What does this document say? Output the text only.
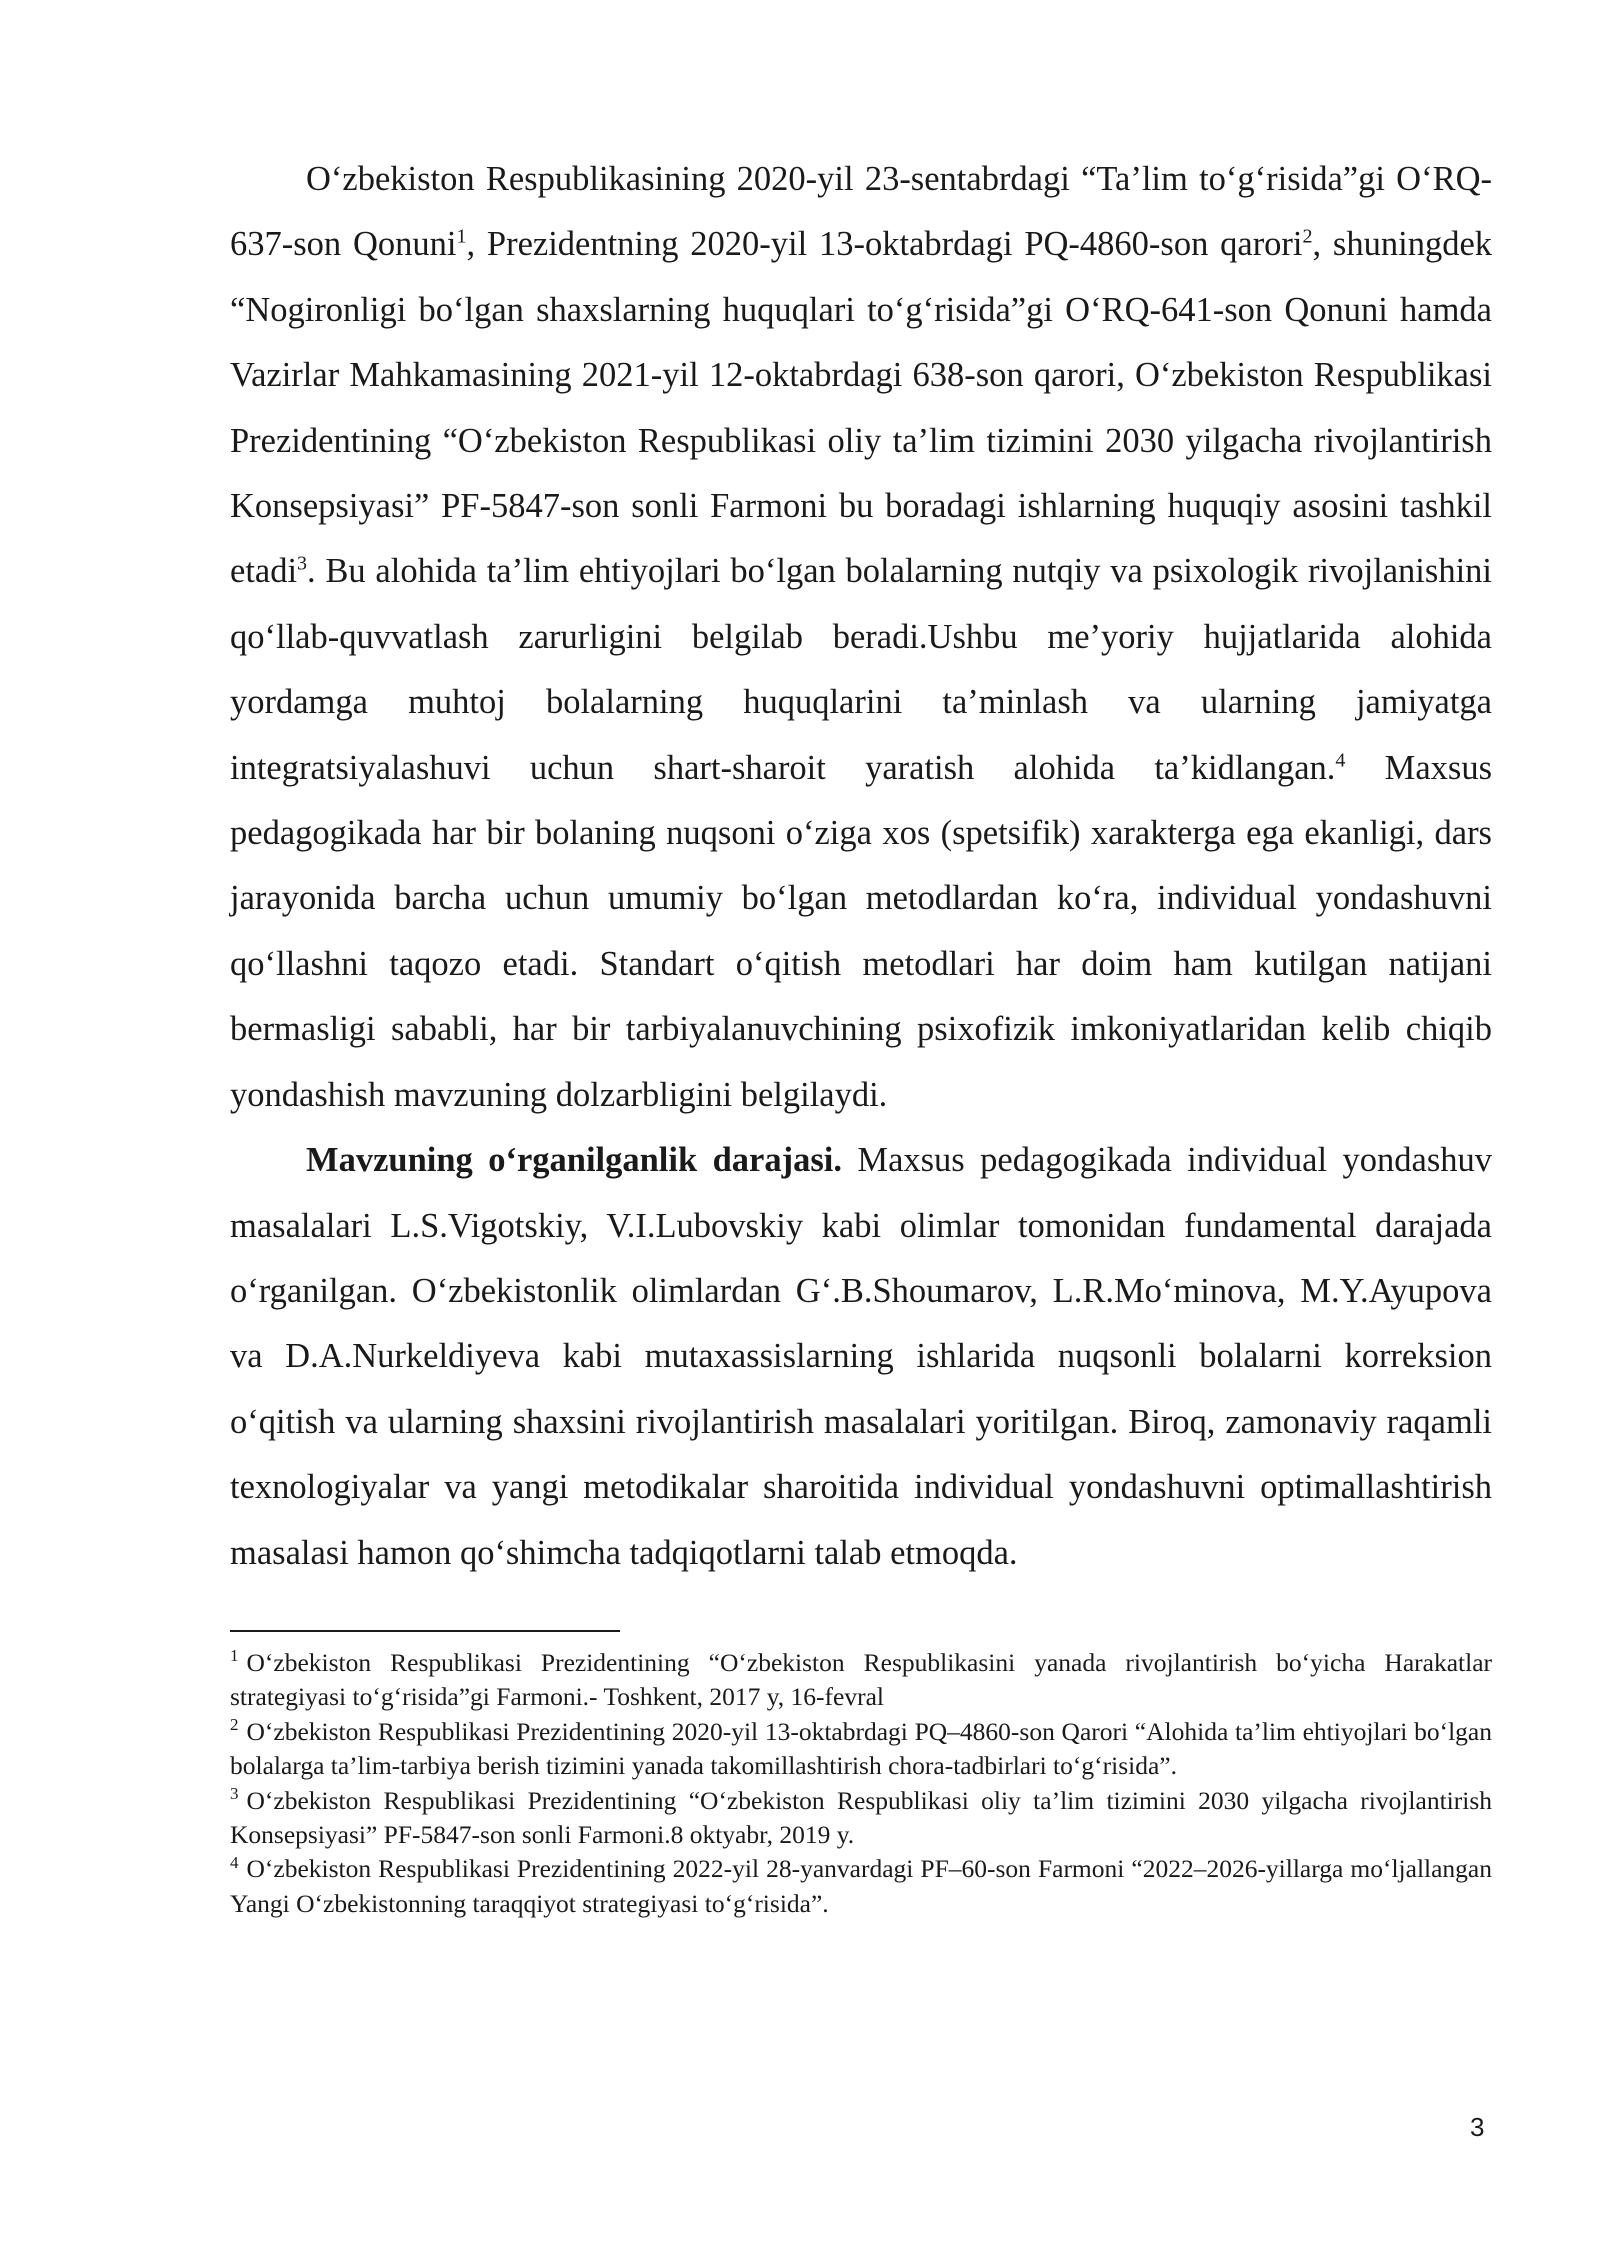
O‘zbekiston Respublikasining 2020-yil 23-sentabrdagi “Ta’lim to‘g‘risida”gi O‘RQ-637-son Qonuni$^1$, Prezidentning 2020-yil 13-oktabrdagi PQ-4860-son qarori$^2$, shuningdek “Nogironligi bo‘lgan shaxslarning huquqlari to‘g‘risida”gi O‘RQ-641-son Qonuni hamda Vazirlar Mahkamasining 2021-yil 12-oktabrdagi 638-son qarori, O‘zbekiston Respublikasi Prezidentining “O‘zbekiston Respublikasi oliy ta’lim tizimini 2030 yilgacha rivojlantirish Konsepsiyasi” PF-5847-son sonli Farmoni bu boradagi ishlarning huquqiy asosini tashkil etadi$^3$. Bu alohida ta’lim ehtiyojlari bo‘lgan bolalarning nutqiy va psixologik rivojlanishini qo‘llab-quvvatlash zarurligini belgilab beradi.Ushbu me’yoriy hujjatlarida alohida yordamga muhtoj bolalarning huquqlarini ta’minlash va ularning jamiyatga integratsiyalashuvi uchun shart-sharoit yaratish alohida ta’kidlangan.$^4$ Maxsus pedagogikada har bir bolaning nuqsoni o‘ziga xos (spetsifik) xarakterga ega ekanligi, dars jarayonida barcha uchun umumiy bo‘lgan metodlardan ko‘ra, individual yondashuvni qo‘llashni taqozo etadi. Standart o‘qitish metodlari har doim ham kutilgan natijani bermasligi sababli, har bir tarbiyalanuvchining psixofizik imkoniyatlaridan kelib chiqib yondashish mavzuning dolzarbligini belgilaydi.

Mavzuning o‘rganilganlik darajasi. Maxsus pedagogikada individual yondashuv masalalari L.S.Vigotskiy, V.I.Lubovskiy kabi olimlar tomonidan fundamental darajada o‘rganilgan. O‘zbekistonlik olimlardan G‘.B.Shoumarov, L.R.Mo‘minova, M.Y.Ayupova va D.A.Nurkeldiyeva kabi mutaxassislarning ishlarida nuqsonli bolalarni korreksion o‘qitish va ularning shaxsini rivojlantirish masalalari yoritilgan. Biroq, zamonaviy raqamli texnologiyalar va yangi metodikalar sharoitida individual yondashuvni optimallashtirish masalasi hamon qo‘shimcha tadqiqotlarni talab etmoqda.

$^1$ O‘zbekiston Respublikasi Prezidentining “O‘zbekiston Respublikasini yanada rivojlantirish bo‘yicha Harakatlar strategiyasi to‘g‘risida”gi Farmoni.- Toshkent, 2017 y, 16-fevral

$^2$ O‘zbekiston Respublikasi Prezidentining 2020-yil 13-oktabrdagi PQ–4860-son Qarori “Alohida ta’lim ehtiyojlari bo‘lgan bolalarga ta’lim-tarbiya berish tizimini yanada takomillashtirish chora-tadbirlari to‘g‘risida”.

$^3$ O‘zbekiston Respublikasi Prezidentining “O‘zbekiston Respublikasi oliy ta’lim tizimini 2030 yilgacha rivojlantirish Konsepsiyasi” PF-5847-son sonli Farmoni.8 oktyabr, 2019 y.

$^4$ O‘zbekiston Respublikasi Prezidentining 2022-yil 28-yanvardagi PF–60-son Farmoni “2022–2026-yillarga mo‘ljallangan Yangi O‘zbekistonning taraqqiyot strategiyasi to‘g‘risida”.

3
